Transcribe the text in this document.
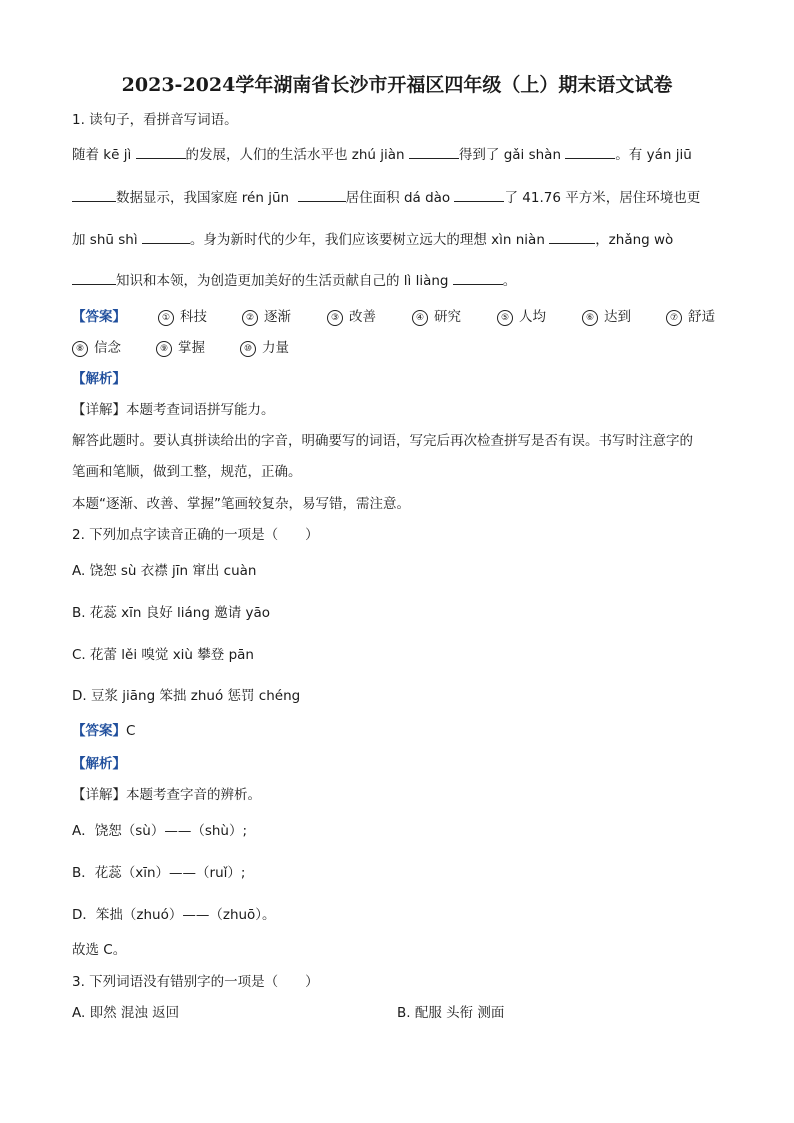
2023-2024学年湖南省长沙市开福区四年级（上）期末语文试卷
1. 读句子，看拼音写词语。
随着 kē jì	的发展，人们的生活水平也 zhú jiàn	得到了 gǎi shàn	。有 yán jiū
数据显示，我国家庭 rén jūn	居住面积 dá dào	了 41.76 平方米，居住环境也更
加 shū shì	。身为新时代的少年，我们应该要树立远大的理想 xìn niàn	，zhǎng wò
知识和本领，为创造更加美好的生活贡献自己的 lì liàng	。
【答案】	① 科技	② 逐渐	③ 改善	④ 研究	⑤ 人均	⑥ 达到	⑦ 舒适
⑧ 信念	⑨ 掌握	⑩ 力量
【解析】
【详解】本题考查词语拼写能力。
解答此题时。要认真拼读给出的字音，明确要写的词语，写完后再次检查拼写是否有误。书写时注意字的
笔画和笔顺，做到工整，规范，正确。
本题“逐渐、改善、掌握”笔画较复杂，易写错，需注意。
2. 下列加点字读音正确的一项是（　　）
A. 饶恕 sù 衣襟 jīn 窜出 cuàn
B. 花蕊 xīn 良好 liáng 邀请 yāo
C. 花蕾 lěi 嗅觉 xiù 攀登 pān
D. 豆浆 jiāng 笨拙 zhuó 惩罚 chéng
【答案】C
【解析】
【详解】本题考查字音的辨析。
A．饶恕（sù）——（shù）;
B．花蕊（xīn）——（ruǐ）;
D．笨拙（zhuó）——（zhuō）。
故选 C。
3. 下列词语没有错别字的一项是（　　）
A. 即然 混浊 返回	B. 配服 头衔 测面
